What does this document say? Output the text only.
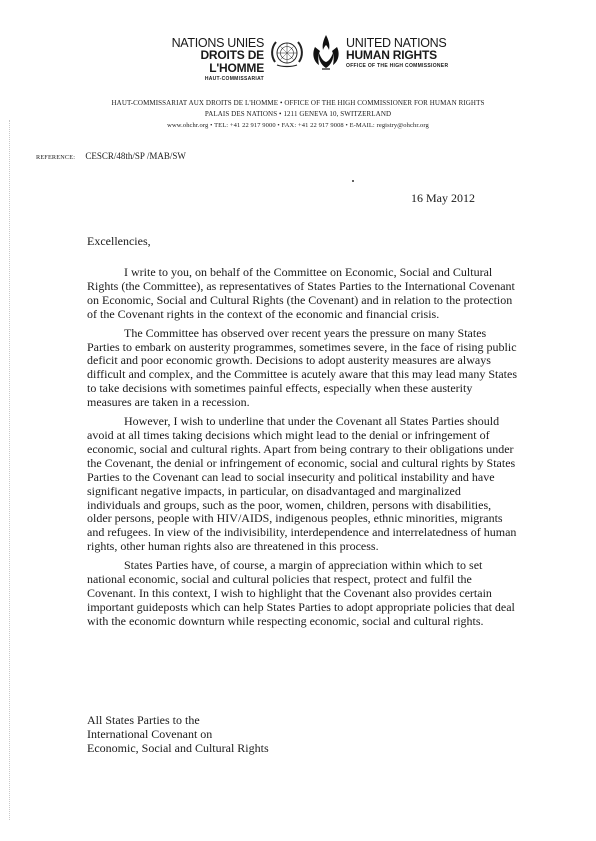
NATIONS UNIES
DROITS DE L'HOMME
HAUT-COMMISSARIAT
UNITED NATIONS
HUMAN RIGHTS
OFFICE OF THE HIGH COMMISSIONER
HAUT-COMMISSARIAT AUX DROITS DE L'HOMME • OFFICE OF THE HIGH COMMISSIONER FOR HUMAN RIGHTS
PALAIS DES NATIONS • 1211 GENEVA 10, SWITZERLAND
www.ohchr.org • TEL: +41 22 917 9000 • FAX: +41 22 917 9008 • E-MAIL: registry@ohchr.org
REFERENCE: CESCR/48th/SP /MAB/SW
16 May 2012
Excellencies,

I write to you, on behalf of the Committee on Economic, Social and Cultural Rights (the Committee), as representatives of States Parties to the International Covenant on Economic, Social and Cultural Rights (the Covenant) and in relation to the protection of the Covenant rights in the context of the economic and financial crisis.

The Committee has observed over recent years the pressure on many States Parties to embark on austerity programmes, sometimes severe, in the face of rising public deficit and poor economic growth. Decisions to adopt austerity measures are always difficult and complex, and the Committee is acutely aware that this may lead many States to take decisions with sometimes painful effects, especially when these austerity measures are taken in a recession.

However, I wish to underline that under the Covenant all States Parties should avoid at all times taking decisions which might lead to the denial or infringement of economic, social and cultural rights. Apart from being contrary to their obligations under the Covenant, the denial or infringement of economic, social and cultural rights by States Parties to the Covenant can lead to social insecurity and political instability and have significant negative impacts, in particular, on disadvantaged and marginalized individuals and groups, such as the poor, women, children, persons with disabilities, older persons, people with HIV/AIDS, indigenous peoples, ethnic minorities, migrants and refugees. In view of the indivisibility, interdependence and interrelatedness of human rights, other human rights also are threatened in this process.

States Parties have, of course, a margin of appreciation within which to set national economic, social and cultural policies that respect, protect and fulfil the Covenant. In this context, I wish to highlight that the Covenant also provides certain important guideposts which can help States Parties to adopt appropriate policies that deal with the economic downturn while respecting economic, social and cultural rights.

All States Parties to the
International Covenant on
Economic, Social and Cultural Rights
